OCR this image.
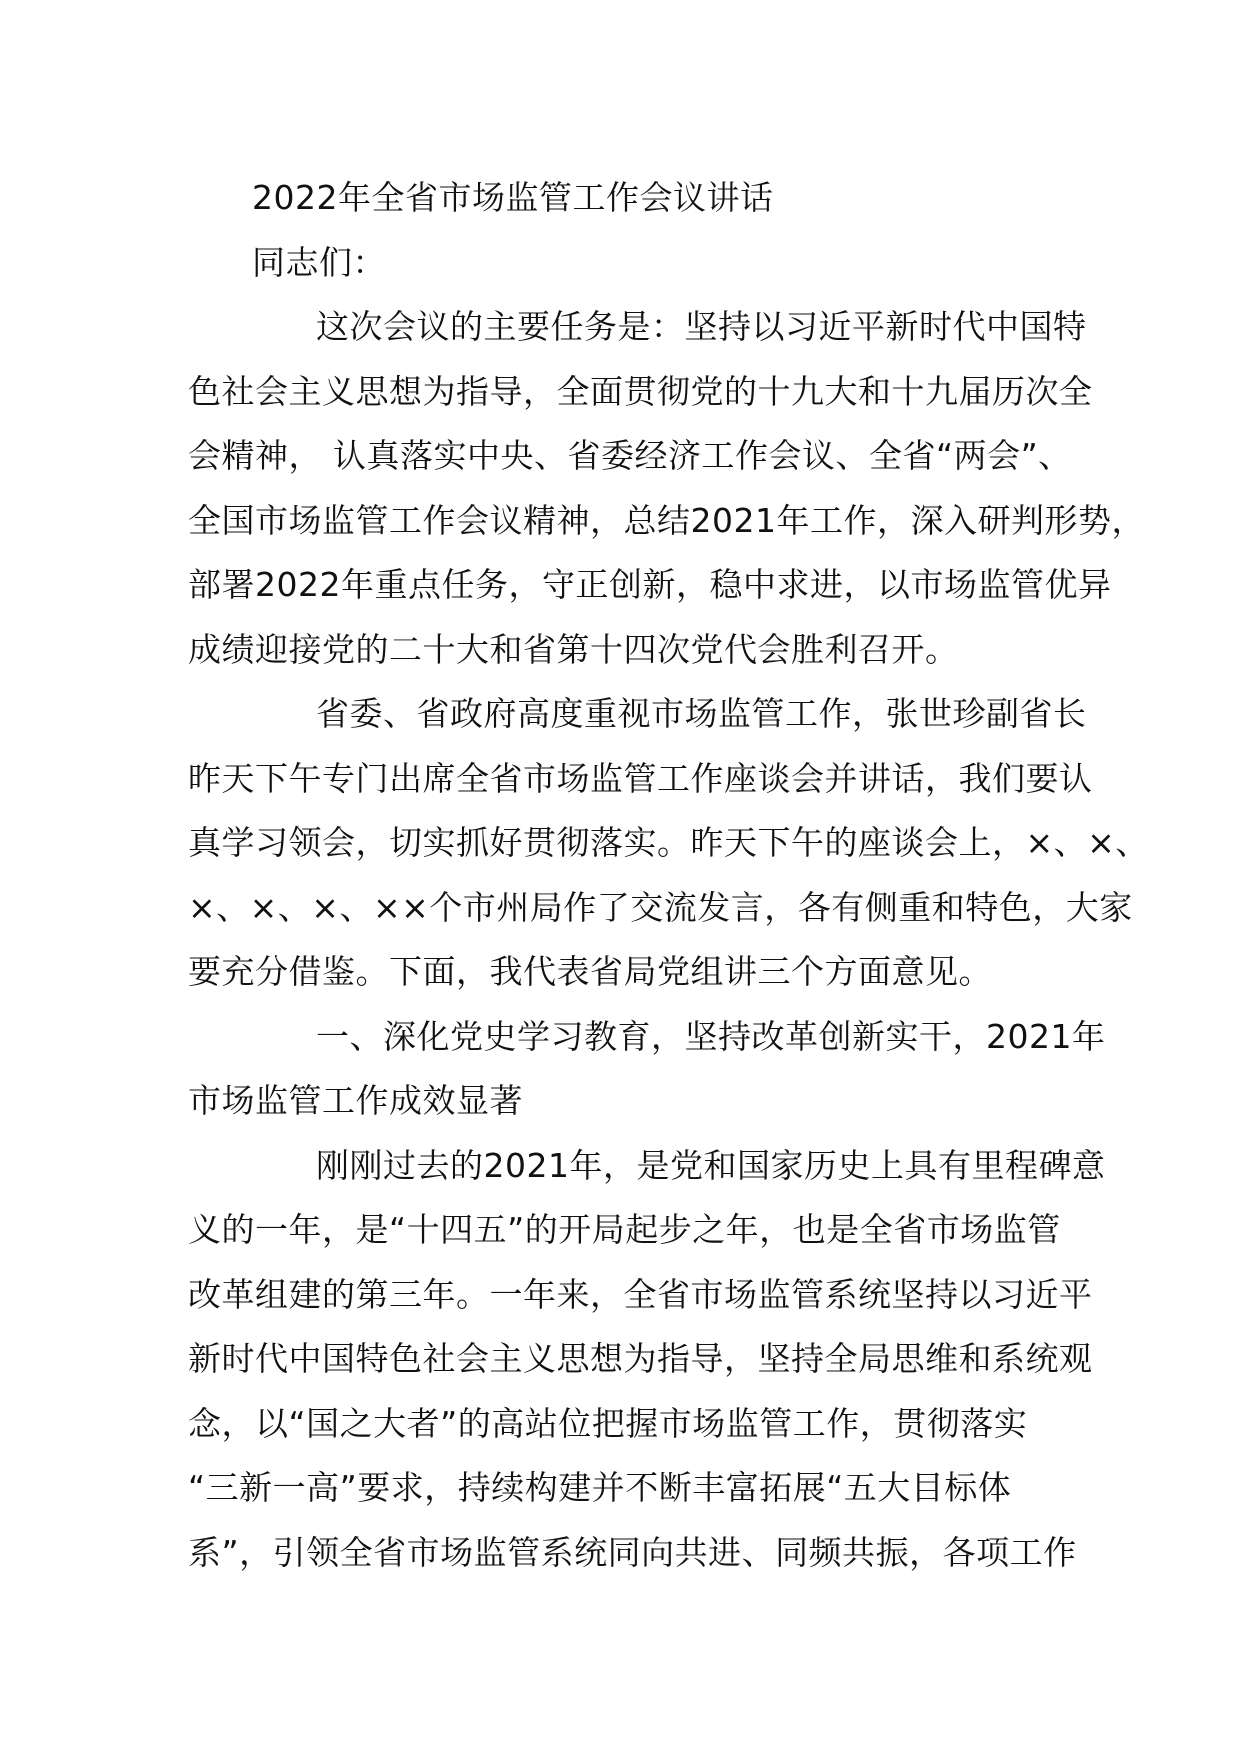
2022年全省市场监管工作会议讲话
同志们：
这次会议的主要任务是：坚持以习近平新时代中国特
色社会主义思想为指导，全面贯彻党的十九大和十九届历次全
会精神， 认真落实中央、省委经济工作会议、全省“两会”、
全国市场监管工作会议精神，总结2021年工作，深入研判形势，
部署2022年重点任务，守正创新，稳中求进，以市场监管优异
成绩迎接党的二十大和省第十四次党代会胜利召开。
省委、省政府高度重视市场监管工作，张世珍副省长
昨天下午专门出席全省市场监管工作座谈会并讲话，我们要认
真学习领会，切实抓好贯彻落实。昨天下午的座谈会上，×、×、
×、×、×、××个市州局作了交流发言，各有侧重和特色，大家
要充分借鉴。下面，我代表省局党组讲三个方面意见。
一、深化党史学习教育，坚持改革创新实干，2021年
市场监管工作成效显著
刚刚过去的2021年，是党和国家历史上具有里程碑意
义的一年，是“十四五”的开局起步之年，也是全省市场监管
改革组建的第三年。一年来，全省市场监管系统坚持以习近平
新时代中国特色社会主义思想为指导，坚持全局思维和系统观
念，以“国之大者”的高站位把握市场监管工作，贯彻落实
“三新一高”要求，持续构建并不断丰富拓展“五大目标体
系”，引领全省市场监管系统同向共进、同频共振，各项工作
